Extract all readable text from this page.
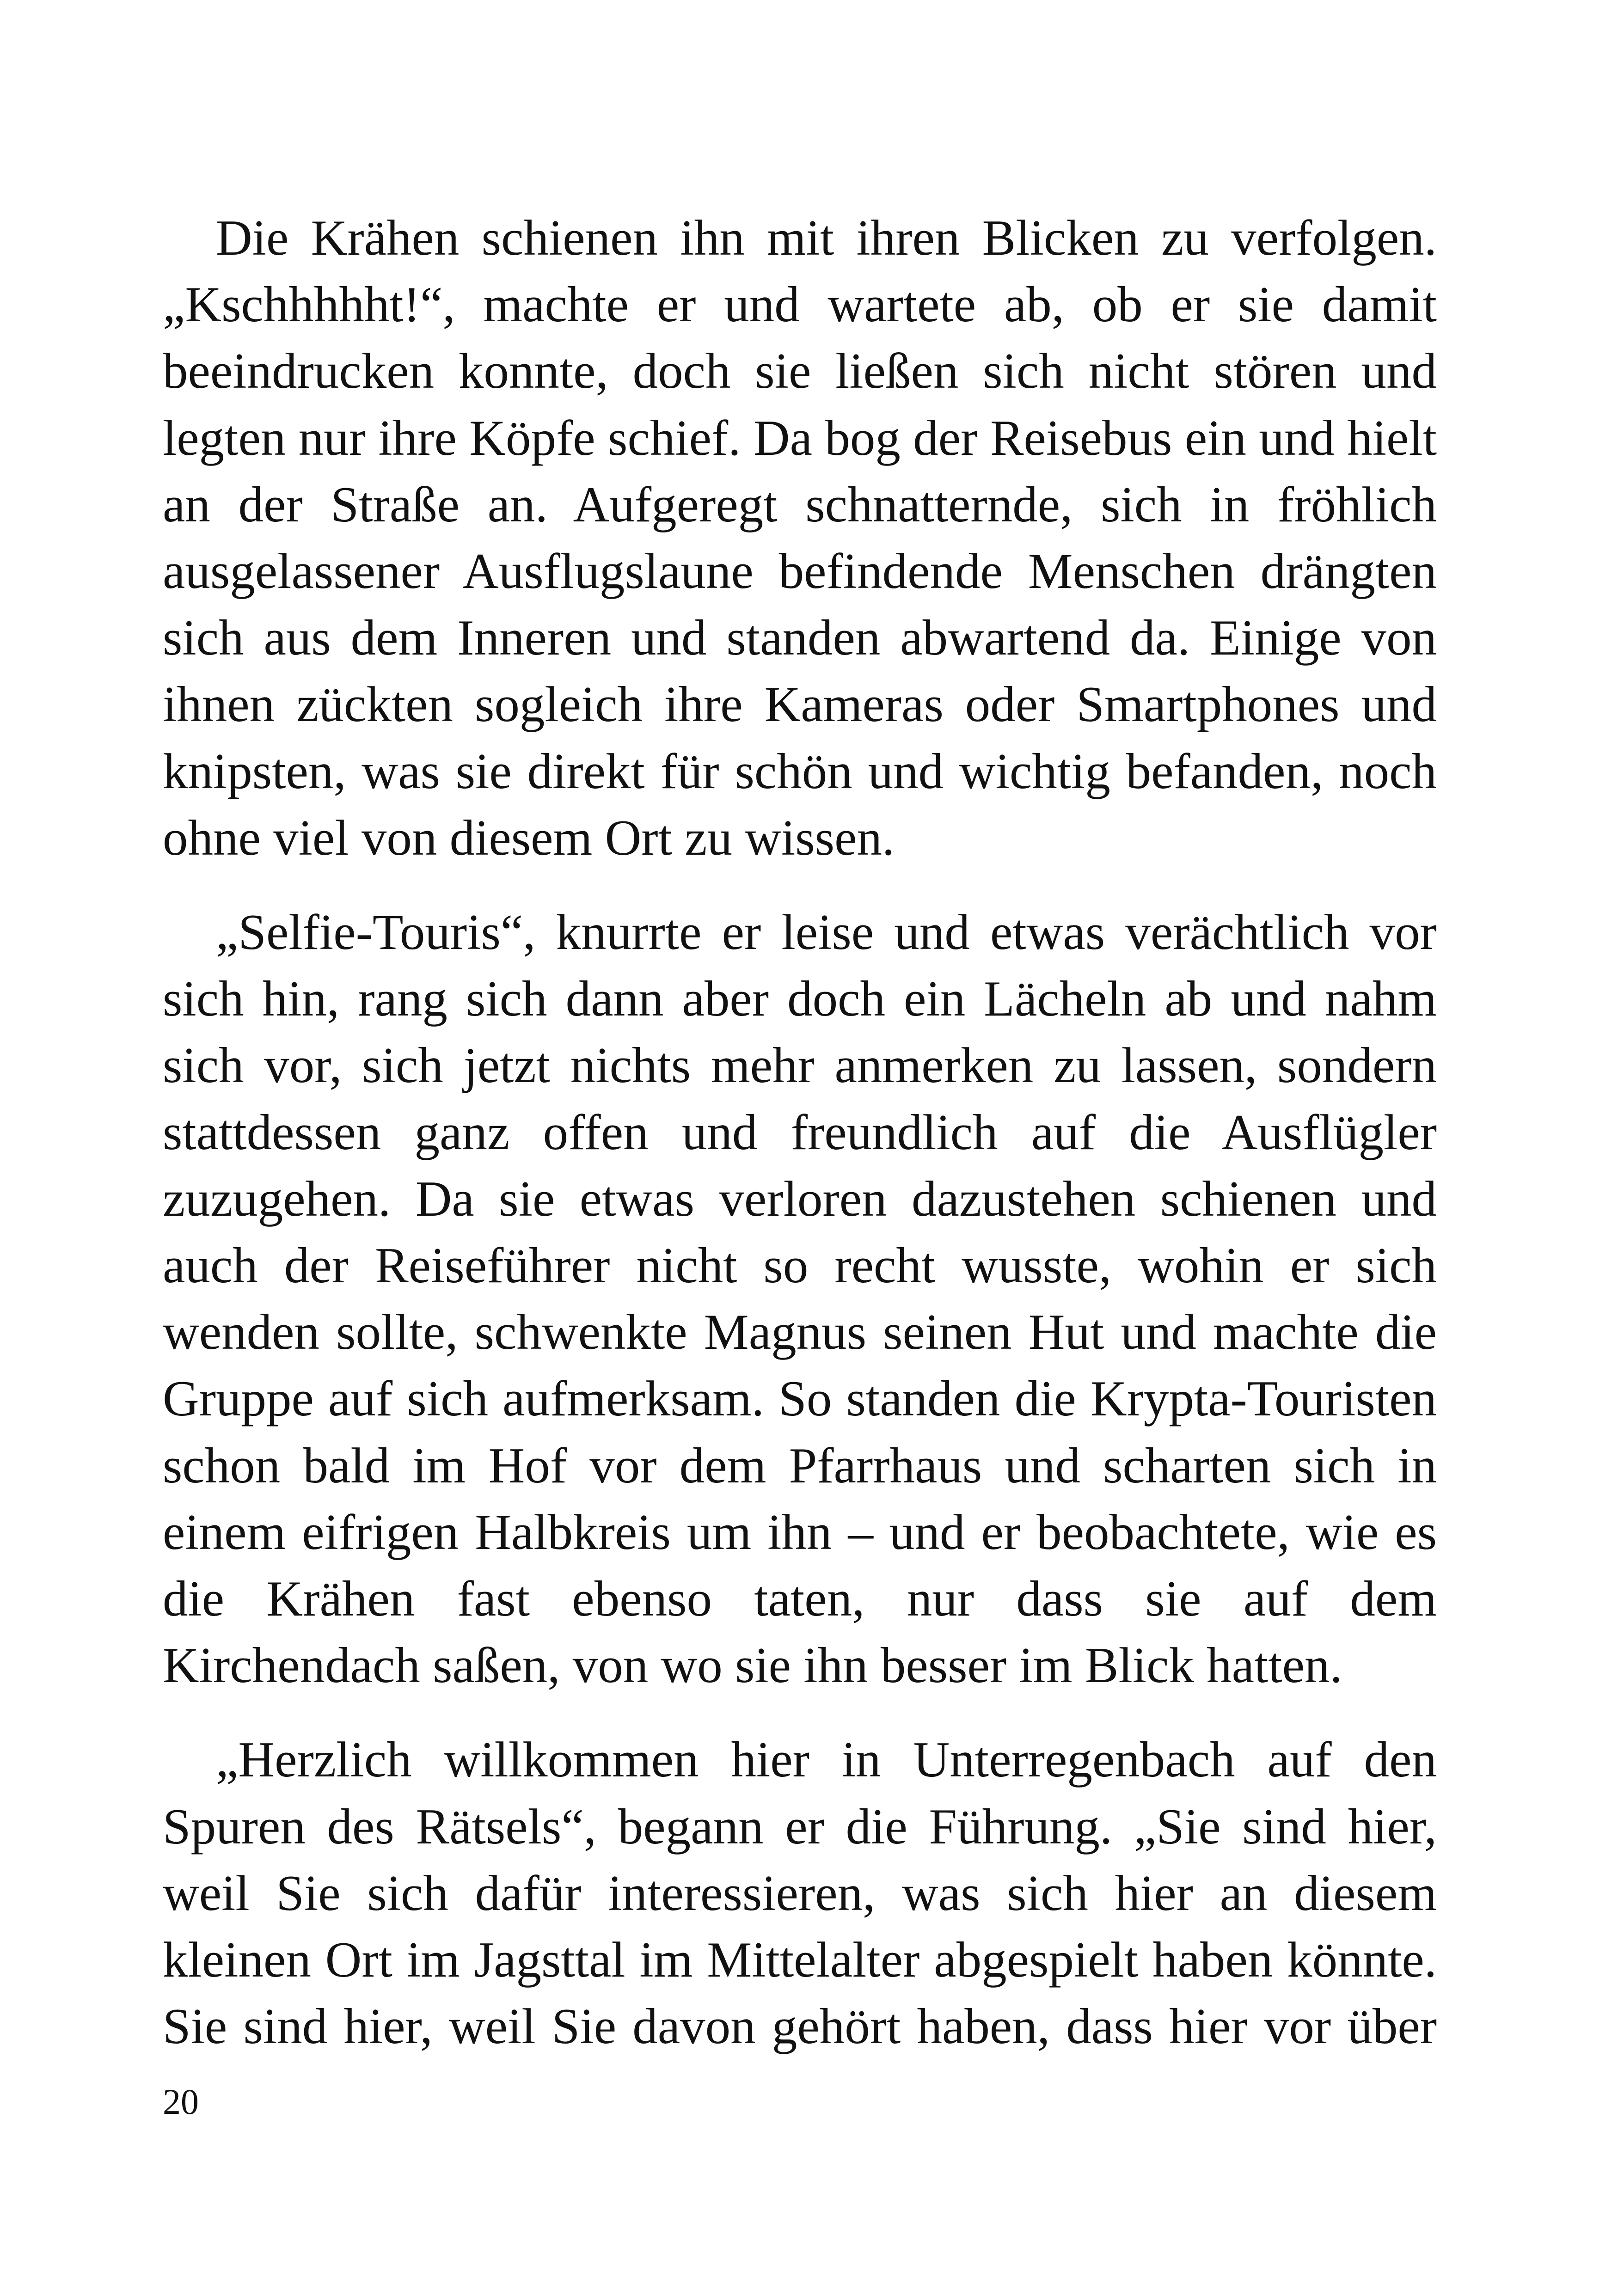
Die Krähen schienen ihn mit ihren Blicken zu verfolgen. „Kschhhhht!“, machte er und wartete ab, ob er sie damit beeindrucken konnte, doch sie ließen sich nicht stören und legten nur ihre Köpfe schief. Da bog der Reisebus ein und hielt an der Straße an. Aufgeregt schnatternde, sich in fröhlich ausgelassener Ausflugslaune befindende Menschen drängten sich aus dem Inneren und standen abwartend da. Einige von ihnen zückten sogleich ihre Kameras oder Smartphones und knipsten, was sie direkt für schön und wichtig befanden, noch ohne viel von diesem Ort zu wissen.

„Selfie-Touris“, knurrte er leise und etwas verächtlich vor sich hin, rang sich dann aber doch ein Lächeln ab und nahm sich vor, sich jetzt nichts mehr anmerken zu lassen, sondern stattdessen ganz offen und freundlich auf die Ausflügler zuzugehen. Da sie etwas verloren dazustehen schienen und auch der Reiseführer nicht so recht wusste, wohin er sich wenden sollte, schwenkte Magnus seinen Hut und machte die Gruppe auf sich aufmerksam. So standen die Krypta-Touristen schon bald im Hof vor dem Pfarrhaus und scharten sich in einem eifrigen Halbkreis um ihn – und er beobachtete, wie es die Krähen fast ebenso taten, nur dass sie auf dem Kirchendach saßen, von wo sie ihn besser im Blick hatten.

„Herzlich willkommen hier in Unterregenbach auf den Spuren des Rätsels“, begann er die Führung. „Sie sind hier, weil Sie sich dafür interessieren, was sich hier an diesem kleinen Ort im Jagsttal im Mittelalter abgespielt haben könnte. Sie sind hier, weil Sie davon gehört haben, dass hier vor über

20
